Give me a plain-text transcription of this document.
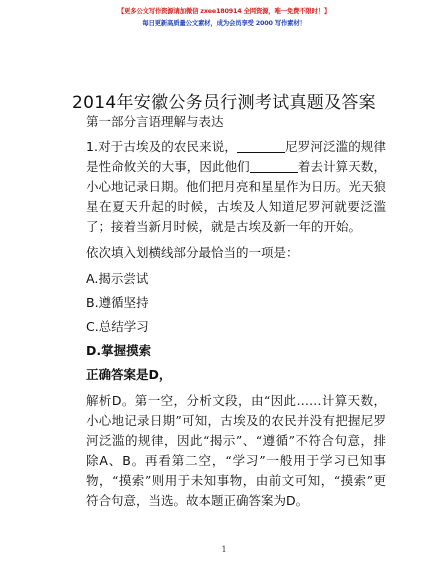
【更多公文写作资源请加微信 zxee180914 全网资源，唯一免费不限时！】
每日更新高质量公文素材，成为会员享受 2000 写作素材！
2014年安徽公务员行测考试真题及答案

第一部分言语理解与表达

1.对于古埃及的农民来说，	尼罗河泛滥的规律是性命攸关的大事，因此他们	着去计算天数，小心地记录日期。他们把月亮和星星作为日历。光天狼星在夏天升起的时候，古埃及人知道尼罗河就要泛滥了；接着当新月时候，就是古埃及新一年的开始。

依次填入划横线部分最恰当的一项是：

A.揭示尝试

B.遵循坚持

C.总结学习

D.掌握摸索

正确答案是D，

解析D。第一空，分析文段，由“因此……计算天数，小心地记录日期”可知，古埃及的农民并没有把握尼罗河泛滥的规律，因此“揭示”、“遵循”不符合句意，排除A、B。再看第二空，“学习”一般用于学习已知事物，“摸索”则用于未知事物，由前文可知，“摸索”更符合句意，当选。故本题正确答案为D。

1
